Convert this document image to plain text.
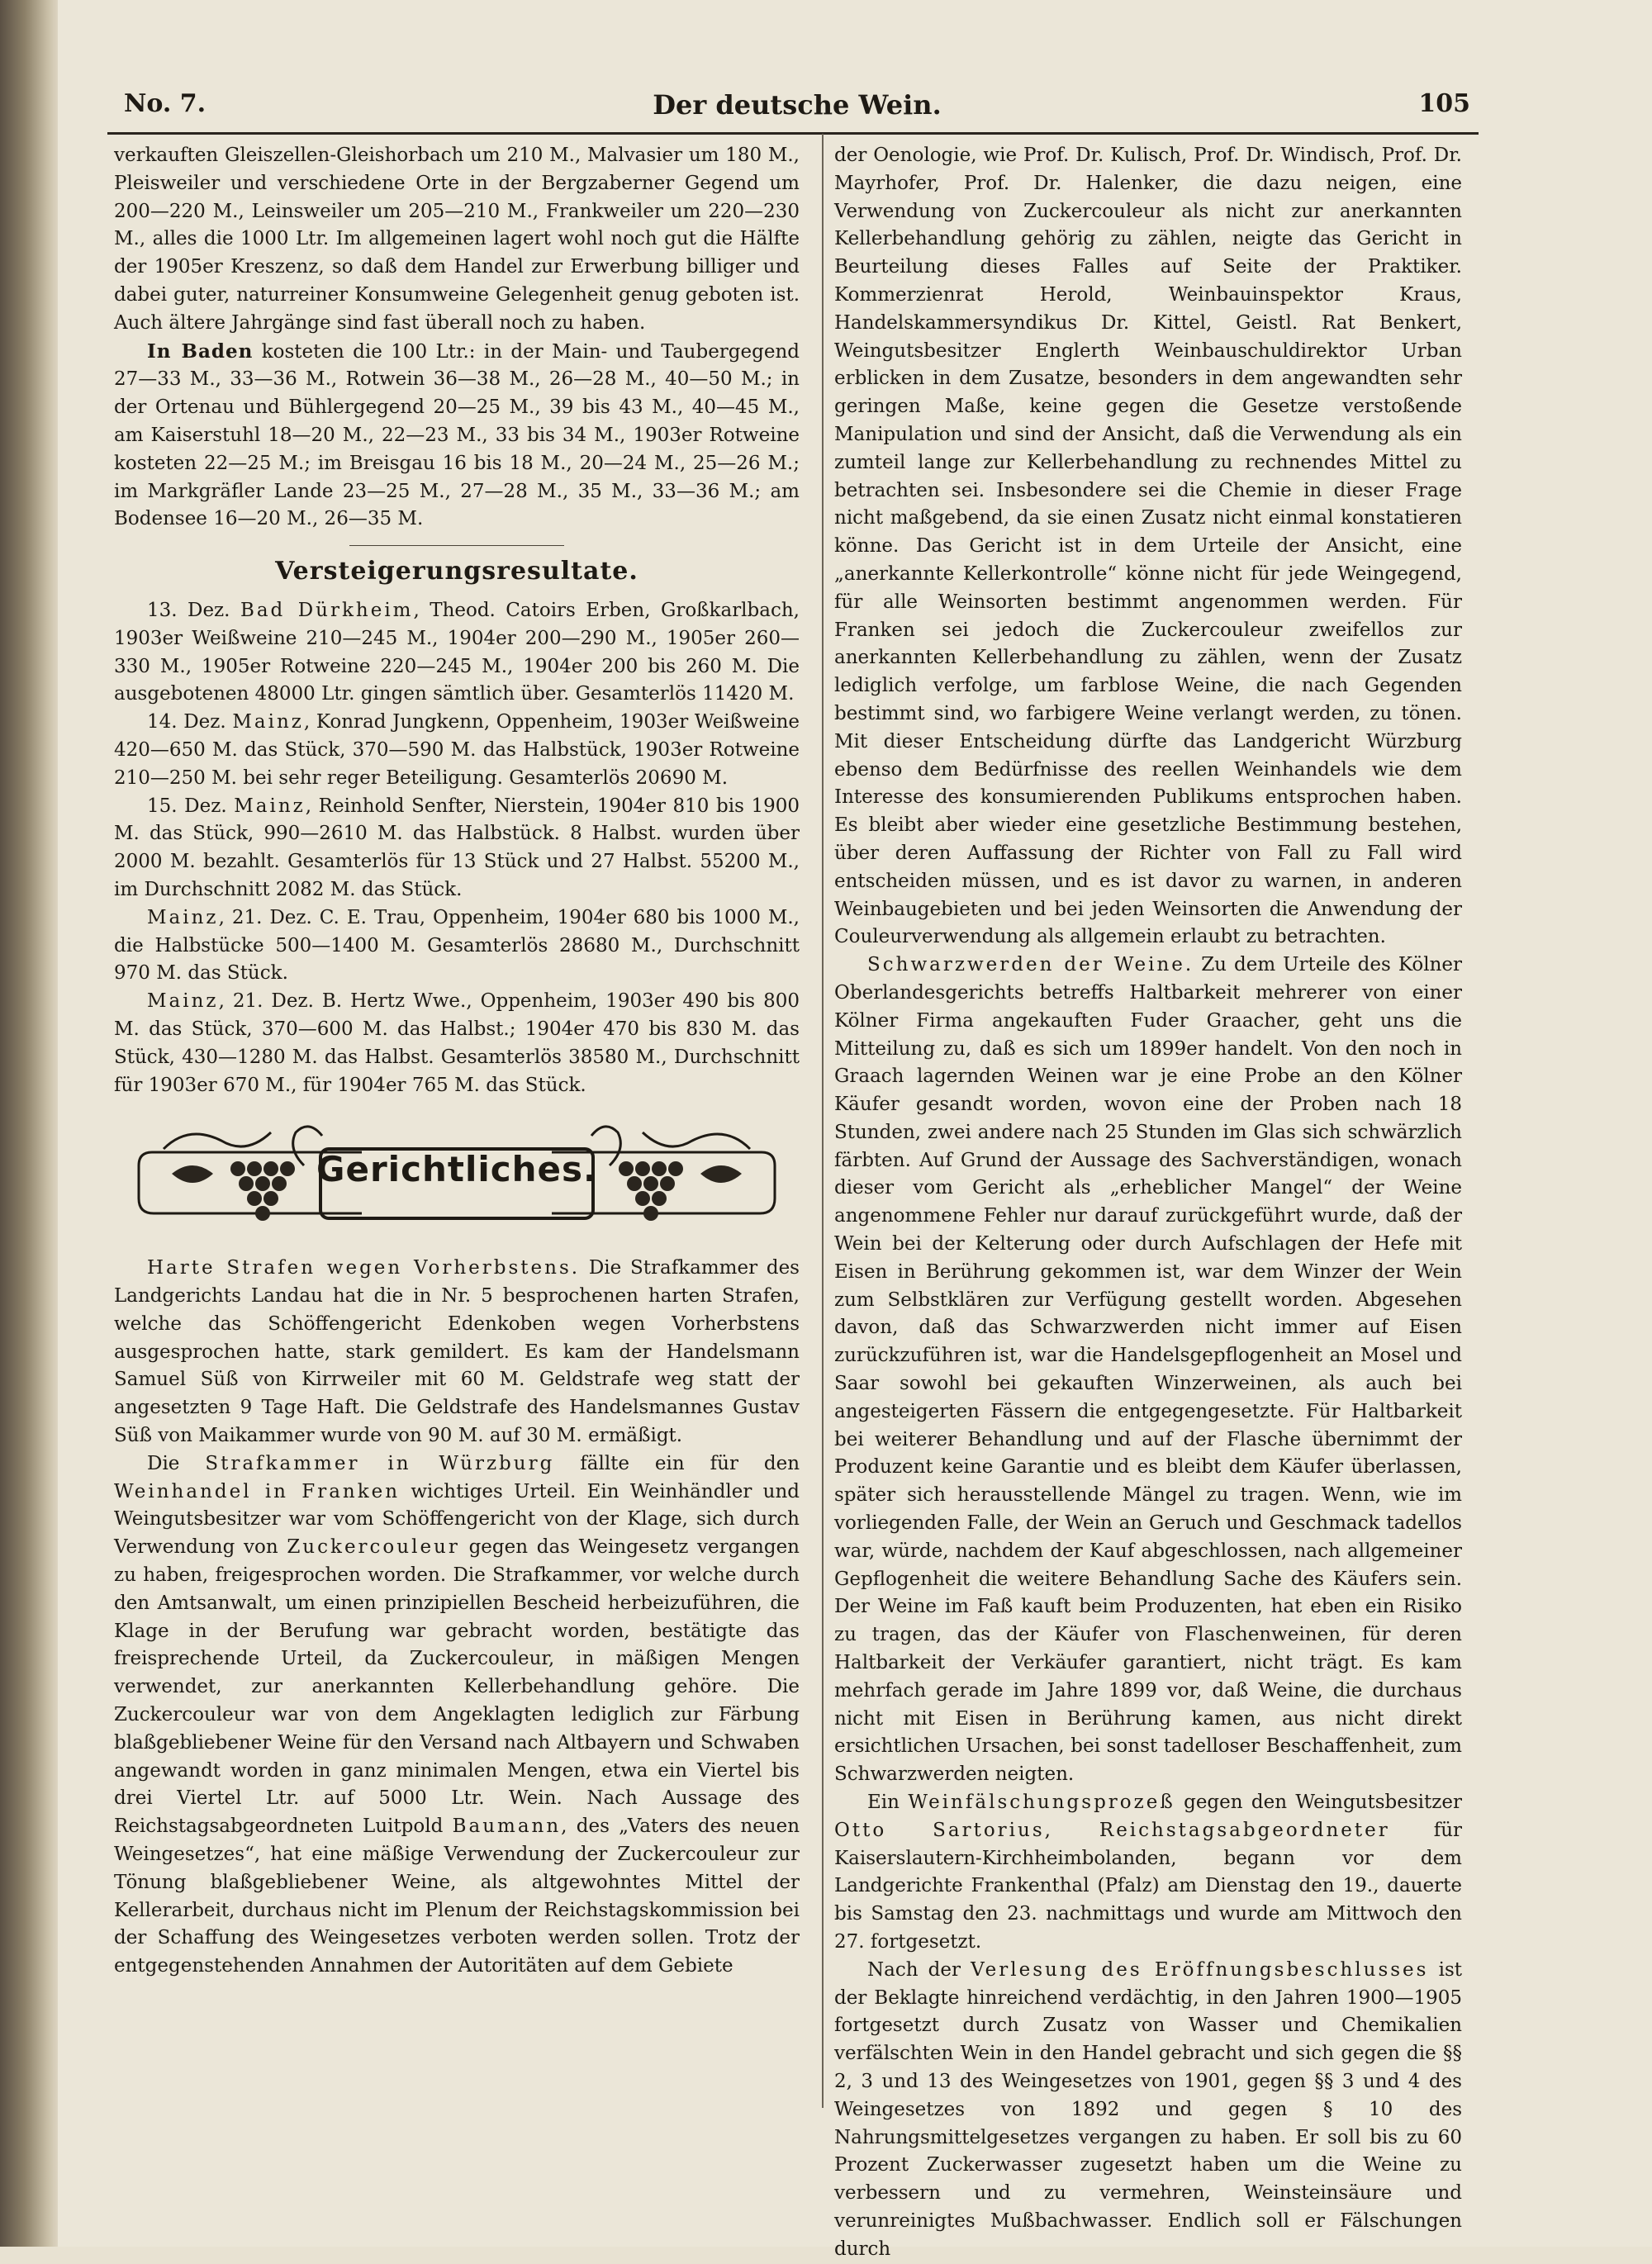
No. 7.	Der deutsche Wein.	105

verkauften Gleiszellen-Gleishorbach um 210 M., Malvasier um 180 M., Pleisweiler und verschiedene Orte in der Bergzaberner Gegend um 200—220 M., Leinsweiler um 205—210 M., Frankweiler um 220—230 M., alles die 1000 Ltr. Im allgemeinen lagert wohl noch gut die Hälfte der 1905er Kreszenz, so daß dem Handel zur Erwerbung billiger und dabei guter, naturreiner Konsumweine Gelegenheit genug geboten ist. Auch ältere Jahrgänge sind fast überall noch zu haben.

In Baden kosteten die 100 Ltr.: in der Main- und Taubergegend 27—33 M., 33—36 M., Rotwein 36—38 M., 26—28 M., 40—50 M.; in der Ortenau und Bühlergegend 20—25 M., 39 bis 43 M., 40—45 M., am Kaiserstuhl 18—20 M., 22—23 M., 33 bis 34 M., 1903er Rotweine kosteten 22—25 M.; im Breisgau 16 bis 18 M., 20—24 M., 25—26 M.; im Markgräfler Lande 23—25 M., 27—28 M., 35 M., 33—36 M.; am Bodensee 16—20 M., 26—35 M.

Versteigerungsresultate.

13. Dez. Bad Dürkheim, Theod. Catoirs Erben, Großkarlbach, 1903er Weißweine 210—245 M., 1904er 200—290 M., 1905er 260—330 M., 1905er Rotweine 220—245 M., 1904er 200 bis 260 M. Die ausgebotenen 48000 Ltr. gingen sämtlich über. Gesamterlös 11420 M.

14. Dez. Mainz, Konrad Jungkenn, Oppenheim, 1903er Weißweine 420—650 M. das Stück, 370—590 M. das Halbstück, 1903er Rotweine 210—250 M. bei sehr reger Beteiligung. Gesamterlös 20690 M.

15. Dez. Mainz, Reinhold Senfter, Nierstein, 1904er 810 bis 1900 M. das Stück, 990—2610 M. das Halbstück. 8 Halbst. wurden über 2000 M. bezahlt. Gesamterlös für 13 Stück und 27 Halbst. 55200 M., im Durchschnitt 2082 M. das Stück.

Mainz, 21. Dez. C. E. Trau, Oppenheim, 1904er 680 bis 1000 M., die Halbstücke 500—1400 M. Gesamterlös 28680 M., Durchschnitt 970 M. das Stück.

Mainz, 21. Dez. B. Hertz Wwe., Oppenheim, 1903er 490 bis 800 M. das Stück, 370—600 M. das Halbst.; 1904er 470 bis 830 M. das Stück, 430—1280 M. das Halbst. Gesamterlös 38580 M., Durchschnitt für 1903er 670 M., für 1904er 765 M. das Stück.

Gerichtliches.

Harte Strafen wegen Vorherbstens. Die Strafkammer des Landgerichts Landau hat die in Nr. 5 besprochenen harten Strafen, welche das Schöffengericht Edenkoben wegen Vorherbstens ausgesprochen hatte, stark gemildert. Es kam der Handelsmann Samuel Süß von Kirrweiler mit 60 M. Geldstrafe weg statt der angesetzten 9 Tage Haft. Die Geldstrafe des Handelsmannes Gustav Süß von Maikammer wurde von 90 M. auf 30 M. ermäßigt.

Die Strafkammer in Würzburg fällte ein für den Weinhandel in Franken wichtiges Urteil. Ein Weinhändler und Weingutsbesitzer war vom Schöffengericht von der Klage, sich durch Verwendung von Zuckercouleur gegen das Weingesetz vergangen zu haben, freigesprochen worden. Die Strafkammer, vor welche durch den Amtsanwalt, um einen prinzipiellen Bescheid herbeizuführen, die Klage in der Berufung war gebracht worden, bestätigte das freisprechende Urteil, da Zuckercouleur, in mäßigen Mengen verwendet, zur anerkannten Kellerbehandlung gehöre. Die Zuckercouleur war von dem Angeklagten lediglich zur Färbung blaßgebliebener Weine für den Versand nach Altbayern und Schwaben angewandt worden in ganz minimalen Mengen, etwa ein Viertel bis drei Viertel Ltr. auf 5000 Ltr. Wein. Nach Aussage des Reichstagsabgeordneten Luitpold Baumann, des „Vaters des neuen Weingesetzes“, hat eine mäßige Verwendung der Zuckercouleur zur Tönung blaßgebliebener Weine, als altgewohntes Mittel der Kellerarbeit, durchaus nicht im Plenum der Reichstagskommission bei der Schaffung des Weingesetzes verboten werden sollen. Trotz der entgegenstehenden Annahmen der Autoritäten auf dem Gebiete

der Oenologie, wie Prof. Dr. Kulisch, Prof. Dr. Windisch, Prof. Dr. Mayrhofer, Prof. Dr. Halenker, die dazu neigen, eine Verwendung von Zuckercouleur als nicht zur anerkannten Kellerbehandlung gehörig zu zählen, neigte das Gericht in Beurteilung dieses Falles auf Seite der Praktiker. Kommerzienrat Herold, Weinbauinspektor Kraus, Handelskammersyndikus Dr. Kittel, Geistl. Rat Benkert, Weingutsbesitzer Englerth Weinbauschuldirektor Urban erblicken in dem Zusatze, besonders in dem angewandten sehr geringen Maße, keine gegen die Gesetze verstoßende Manipulation und sind der Ansicht, daß die Verwendung als ein zumteil lange zur Kellerbehandlung zu rechnendes Mittel zu betrachten sei. Insbesondere sei die Chemie in dieser Frage nicht maßgebend, da sie einen Zusatz nicht einmal konstatieren könne. Das Gericht ist in dem Urteile der Ansicht, eine „anerkannte Kellerkontrolle“ könne nicht für jede Weingegend, für alle Weinsorten bestimmt angenommen werden. Für Franken sei jedoch die Zuckercouleur zweifellos zur anerkannten Kellerbehandlung zu zählen, wenn der Zusatz lediglich verfolge, um farblose Weine, die nach Gegenden bestimmt sind, wo farbigere Weine verlangt werden, zu tönen. Mit dieser Entscheidung dürfte das Landgericht Würzburg ebenso dem Bedürfnisse des reellen Weinhandels wie dem Interesse des konsumierenden Publikums entsprochen haben. Es bleibt aber wieder eine gesetzliche Bestimmung bestehen, über deren Auffassung der Richter von Fall zu Fall wird entscheiden müssen, und es ist davor zu warnen, in anderen Weinbaugebieten und bei jeden Weinsorten die Anwendung der Couleurverwendung als allgemein erlaubt zu betrachten.

Schwarzwerden der Weine. Zu dem Urteile des Kölner Oberlandesgerichts betreffs Haltbarkeit mehrerer von einer Kölner Firma angekauften Fuder Graacher, geht uns die Mitteilung zu, daß es sich um 1899er handelt. Von den noch in Graach lagernden Weinen war je eine Probe an den Kölner Käufer gesandt worden, wovon eine der Proben nach 18 Stunden, zwei andere nach 25 Stunden im Glas sich schwärzlich färbten. Auf Grund der Aussage des Sachverständigen, wonach dieser vom Gericht als „erheblicher Mangel“ der Weine angenommene Fehler nur darauf zurückgeführt wurde, daß der Wein bei der Kelterung oder durch Aufschlagen der Hefe mit Eisen in Berührung gekommen ist, war dem Winzer der Wein zum Selbstklären zur Verfügung gestellt worden. Abgesehen davon, daß das Schwarzwerden nicht immer auf Eisen zurückzuführen ist, war die Handelsgepflogenheit an Mosel und Saar sowohl bei gekauften Winzerweinen, als auch bei angesteigerten Fässern die entgegengesetzte. Für Haltbarkeit bei weiterer Behandlung und auf der Flasche übernimmt der Produzent keine Garantie und es bleibt dem Käufer überlassen, später sich herausstellende Mängel zu tragen. Wenn, wie im vorliegenden Falle, der Wein an Geruch und Geschmack tadellos war, würde, nachdem der Kauf abgeschlossen, nach allgemeiner Gepflogenheit die weitere Behandlung Sache des Käufers sein. Der Weine im Faß kauft beim Produzenten, hat eben ein Risiko zu tragen, das der Käufer von Flaschenweinen, für deren Haltbarkeit der Verkäufer garantiert, nicht trägt. Es kam mehrfach gerade im Jahre 1899 vor, daß Weine, die durchaus nicht mit Eisen in Berührung kamen, aus nicht direkt ersichtlichen Ursachen, bei sonst tadelloser Beschaffenheit, zum Schwarzwerden neigten.

Ein Weinfälschungsprozeß gegen den Weingutsbesitzer Otto Sartorius, Reichstagsabgeordneter für Kaiserslautern-Kirchheimbolanden, begann vor dem Landgerichte Frankenthal (Pfalz) am Dienstag den 19., dauerte bis Samstag den 23. nachmittags und wurde am Mittwoch den 27. fortgesetzt.

Nach der Verlesung des Eröffnungsbeschlusses ist der Beklagte hinreichend verdächtig, in den Jahren 1900—1905 fortgesetzt durch Zusatz von Wasser und Chemikalien verfälschten Wein in den Handel gebracht und sich gegen die §§ 2, 3 und 13 des Weingesetzes von 1901, gegen §§ 3 und 4 des Weingesetzes von 1892 und gegen § 10 des Nahrungsmittelgesetzes vergangen zu haben. Er soll bis zu 60 Prozent Zuckerwasser zugesetzt haben um die Weine zu verbessern und zu vermehren, Weinsteinsäure und verunreinigtes Mußbachwasser. Endlich soll er Fälschungen durch
